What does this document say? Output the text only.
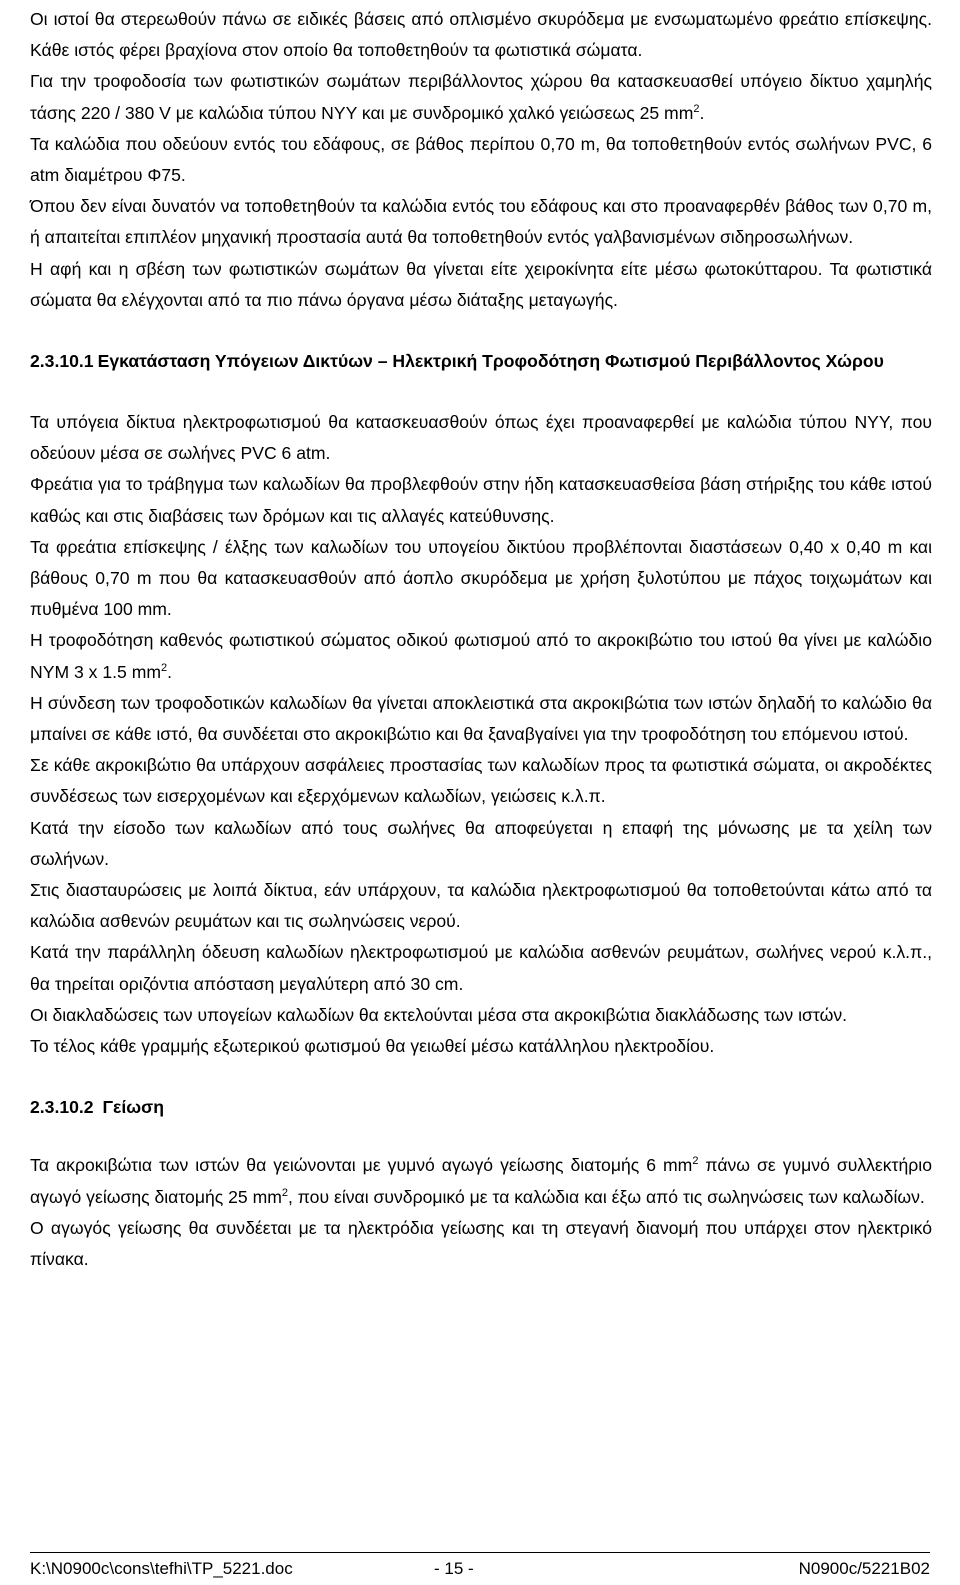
Οι ιστοί θα στερεωθούν πάνω σε ειδικές βάσεις από οπλισμένο σκυρόδεμα με ενσωματωμένο φρεάτιο επίσκεψης. Κάθε ιστός φέρει βραχίονα στον οποίο θα τοποθετηθούν τα φωτιστικά σώματα.

Για την τροφοδοσία των φωτιστικών σωμάτων περιβάλλοντος χώρου θα κατασκευασθεί υπόγειο δίκτυο χαμηλής τάσης 220 / 380 V με καλώδια τύπου NYY και με συνδρομικό χαλκό γειώσεως 25 $mm^2$.

Τα καλώδια που οδεύουν εντός του εδάφους, σε βάθος περίπου 0,70 m, θα τοποθετηθούν εντός σωλήνων PVC, 6 atm διαμέτρου Φ75.

Όπου δεν είναι δυνατόν να τοποθετηθούν τα καλώδια εντός του εδάφους και στο προαναφερθέν βάθος των 0,70 m, ή απαιτείται επιπλέον μηχανική προστασία αυτά θα τοποθετηθούν εντός γαλβανισμένων σιδηροσωλήνων.

Η αφή και η σβέση των φωτιστικών σωμάτων θα γίνεται είτε χειροκίνητα είτε μέσω φωτοκύτταρου. Τα φωτιστικά σώματα θα ελέγχονται από τα πιο πάνω όργανα μέσω διάταξης μεταγωγής.

2.3.10.1 Εγκατάσταση Υπόγειων Δικτύων – Ηλεκτρική Τροφοδότηση Φωτισμού Περιβάλλοντος Χώρου

Τα υπόγεια δίκτυα ηλεκτροφωτισμού θα κατασκευασθούν όπως έχει προαναφερθεί με καλώδια τύπου NYY, που οδεύουν μέσα σε σωλήνες PVC 6 atm.

Φρεάτια για το τράβηγμα των καλωδίων θα προβλεφθούν στην ήδη κατασκευασθείσα βάση στήριξης του κάθε ιστού καθώς και στις διαβάσεις των δρόμων και τις αλλαγές κατεύθυνσης.

Τα φρεάτια επίσκεψης / έλξης των καλωδίων του υπογείου δικτύου προβλέπονται διαστάσεων 0,40 x 0,40 m και βάθους 0,70 m που θα κατασκευασθούν από άοπλο σκυρόδεμα με χρήση ξυλοτύπου με πάχος τοιχωμάτων και πυθμένα 100 mm.

Η τροφοδότηση καθενός φωτιστικού σώματος οδικού φωτισμού από το ακροκιβώτιο του ιστού θα γίνει με καλώδιο NYM 3 x 1.5 $mm^2$.

Η σύνδεση των τροφοδοτικών καλωδίων θα γίνεται αποκλειστικά στα ακροκιβώτια των ιστών δηλαδή το καλώδιο θα μπαίνει σε κάθε ιστό, θα συνδέεται στο ακροκιβώτιο και θα ξαναβγαίνει για την τροφοδότηση του επόμενου ιστού.

Σε κάθε ακροκιβώτιο θα υπάρχουν ασφάλειες προστασίας των καλωδίων προς τα φωτιστικά σώματα, οι ακροδέκτες συνδέσεως των εισερχομένων και εξερχόμενων καλωδίων, γειώσεις κ.λ.π.

Κατά την είσοδο των καλωδίων από τους σωλήνες θα αποφεύγεται η επαφή της μόνωσης με τα χείλη των σωλήνων.

Στις διασταυρώσεις με λοιπά δίκτυα, εάν υπάρχουν, τα καλώδια ηλεκτροφωτισμού θα τοποθετούνται κάτω από τα καλώδια ασθενών ρευμάτων και τις σωληνώσεις νερού.

Κατά την παράλληλη όδευση καλωδίων ηλεκτροφωτισμού με καλώδια ασθενών ρευμάτων, σωλήνες νερού κ.λ.π., θα τηρείται οριζόντια απόσταση μεγαλύτερη από 30 cm.

Οι διακλαδώσεις των υπογείων καλωδίων θα εκτελούνται μέσα στα ακροκιβώτια διακλάδωσης των ιστών.

Το τέλος κάθε γραμμής εξωτερικού φωτισμού θα γειωθεί μέσω κατάλληλου ηλεκτροδίου.

2.3.10.2 Γείωση

Τα ακροκιβώτια των ιστών θα γειώνονται με γυμνό αγωγό γείωσης διατομής 6 $mm^2$ πάνω σε γυμνό συλλεκτήριο αγωγό γείωσης διατομής 25 $mm^2$, που είναι συνδρομικό με τα καλώδια και έξω από τις σωληνώσεις των καλωδίων.

Ο αγωγός γείωσης θα συνδέεται με τα ηλεκτρόδια γείωσης και τη στεγανή διανομή που υπάρχει στον ηλεκτρικό πίνακα.

K:\N0900c\cons\tefhi\TP_5221.doc	- 15 -	N0900c/5221B02
